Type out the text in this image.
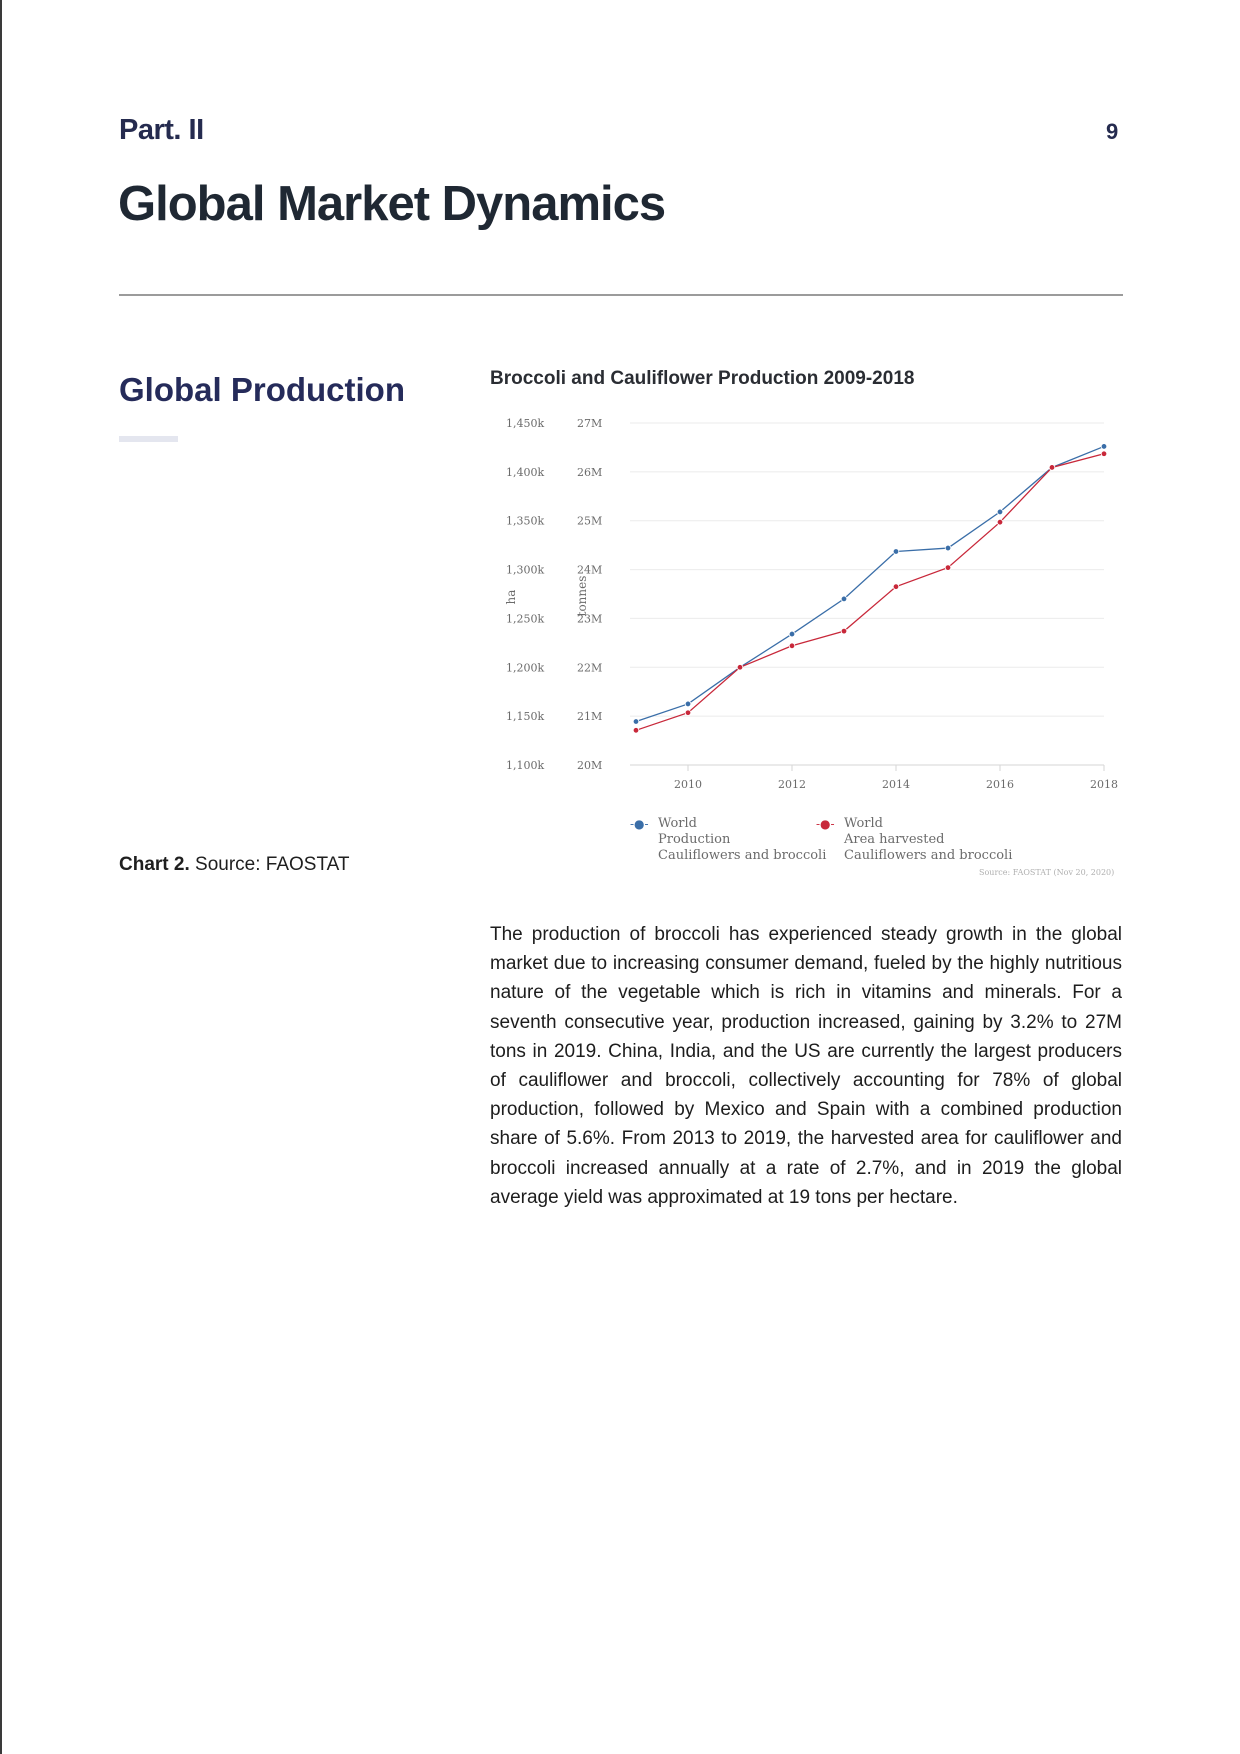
Part. II	9
Global Market Dynamics
Global Production	Broccoli and Cauliflower Production 2009-2018
1,450k
1,400k
1,350k
1,300k
1,250k
1,200k
1,150k
1,100k
27M
26M
25M
24M
23M
22M
21M
20M
ha	tonnes
2010	2012	2014	2016	2018
-●- World
Production
Cauliflowers and broccoli
-●- World
Area harvested
Cauliflowers and broccoli
Source: FAOSTAT (Nov 20, 2020)
Chart 2. Source: FAOSTAT
The production of broccoli has experienced steady growth in the global market due to increasing consumer demand, fueled by the highly nutritious nature of the vegetable which is rich in vitamins and minerals. For a seventh consecutive year, production increased, gaining by 3.2% to 27M tons in 2019. China, India, and the US are currently the largest producers of cauliflower and broccoli, collectively accounting for 78% of global production, followed by Mexico and Spain with a combined production share of 5.6%. From 2013 to 2019, the harvested area for cauliflower and broccoli increased annually at a rate of 2.7%, and in 2019 the global average yield was approximated at 19 tons per hectare.
